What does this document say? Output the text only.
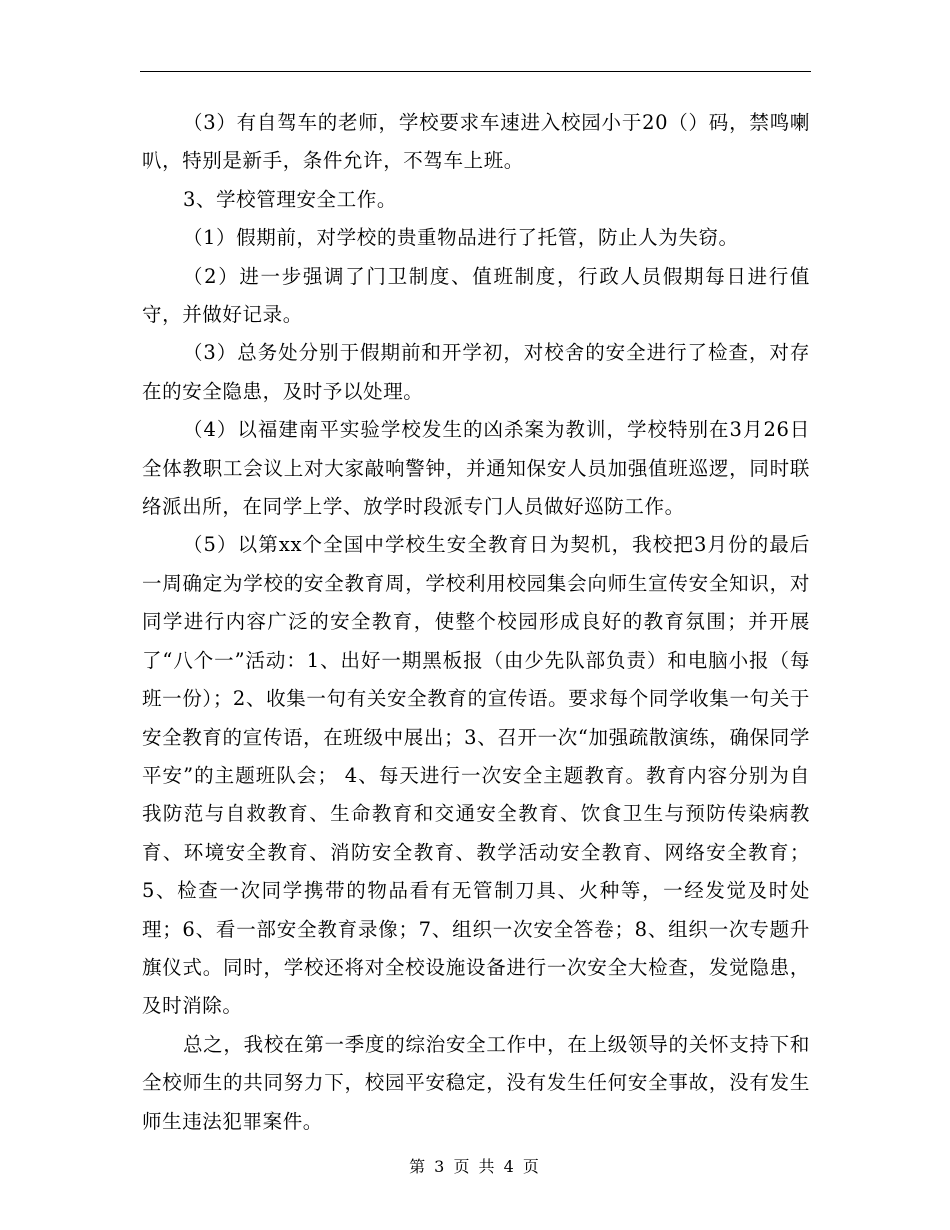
（3）有自驾车的老师，学校要求车速进入校园小于20（）码，禁鸣喇叭，特别是新手，条件允许，不驾车上班。

3、学校管理安全工作。

（1）假期前，对学校的贵重物品进行了托管，防止人为失窃。

（2）进一步强调了门卫制度、值班制度，行政人员假期每日进行值守，并做好记录。

（3）总务处分别于假期前和开学初，对校舍的安全进行了检查，对存在的安全隐患，及时予以处理。

（4）以福建南平实验学校发生的凶杀案为教训，学校特别在3月26日全体教职工会议上对大家敲响警钟，并通知保安人员加强值班巡逻，同时联络派出所，在同学上学、放学时段派专门人员做好巡防工作。

（5）以第xx个全国中学校生安全教育日为契机，我校把3月份的最后一周确定为学校的安全教育周，学校利用校园集会向师生宣传安全知识，对同学进行内容广泛的安全教育，使整个校园形成良好的教育氛围；并开展了“八个一”活动：1、出好一期黑板报（由少先队部负责）和电脑小报（每班一份）；2、收集一句有关安全教育的宣传语。要求每个同学收集一句关于安全教育的宣传语，在班级中展出；3、召开一次“加强疏散演练，确保同学平安”的主题班队会； 4、每天进行一次安全主题教育。教育内容分别为自我防范与自救教育、生命教育和交通安全教育、饮食卫生与预防传染病教育、环境安全教育、消防安全教育、教学活动安全教育、网络安全教育； 5、检查一次同学携带的物品看有无管制刀具、火种等，一经发觉及时处理；6、看一部安全教育录像；7、组织一次安全答卷；8、组织一次专题升旗仪式。同时，学校还将对全校设施设备进行一次安全大检查，发觉隐患，及时消除。

总之，我校在第一季度的综治安全工作中，在上级领导的关怀支持下和全校师生的共同努力下，校园平安稳定，没有发生任何安全事故，没有发生师生违法犯罪案件。

第 3 页 共 4 页
